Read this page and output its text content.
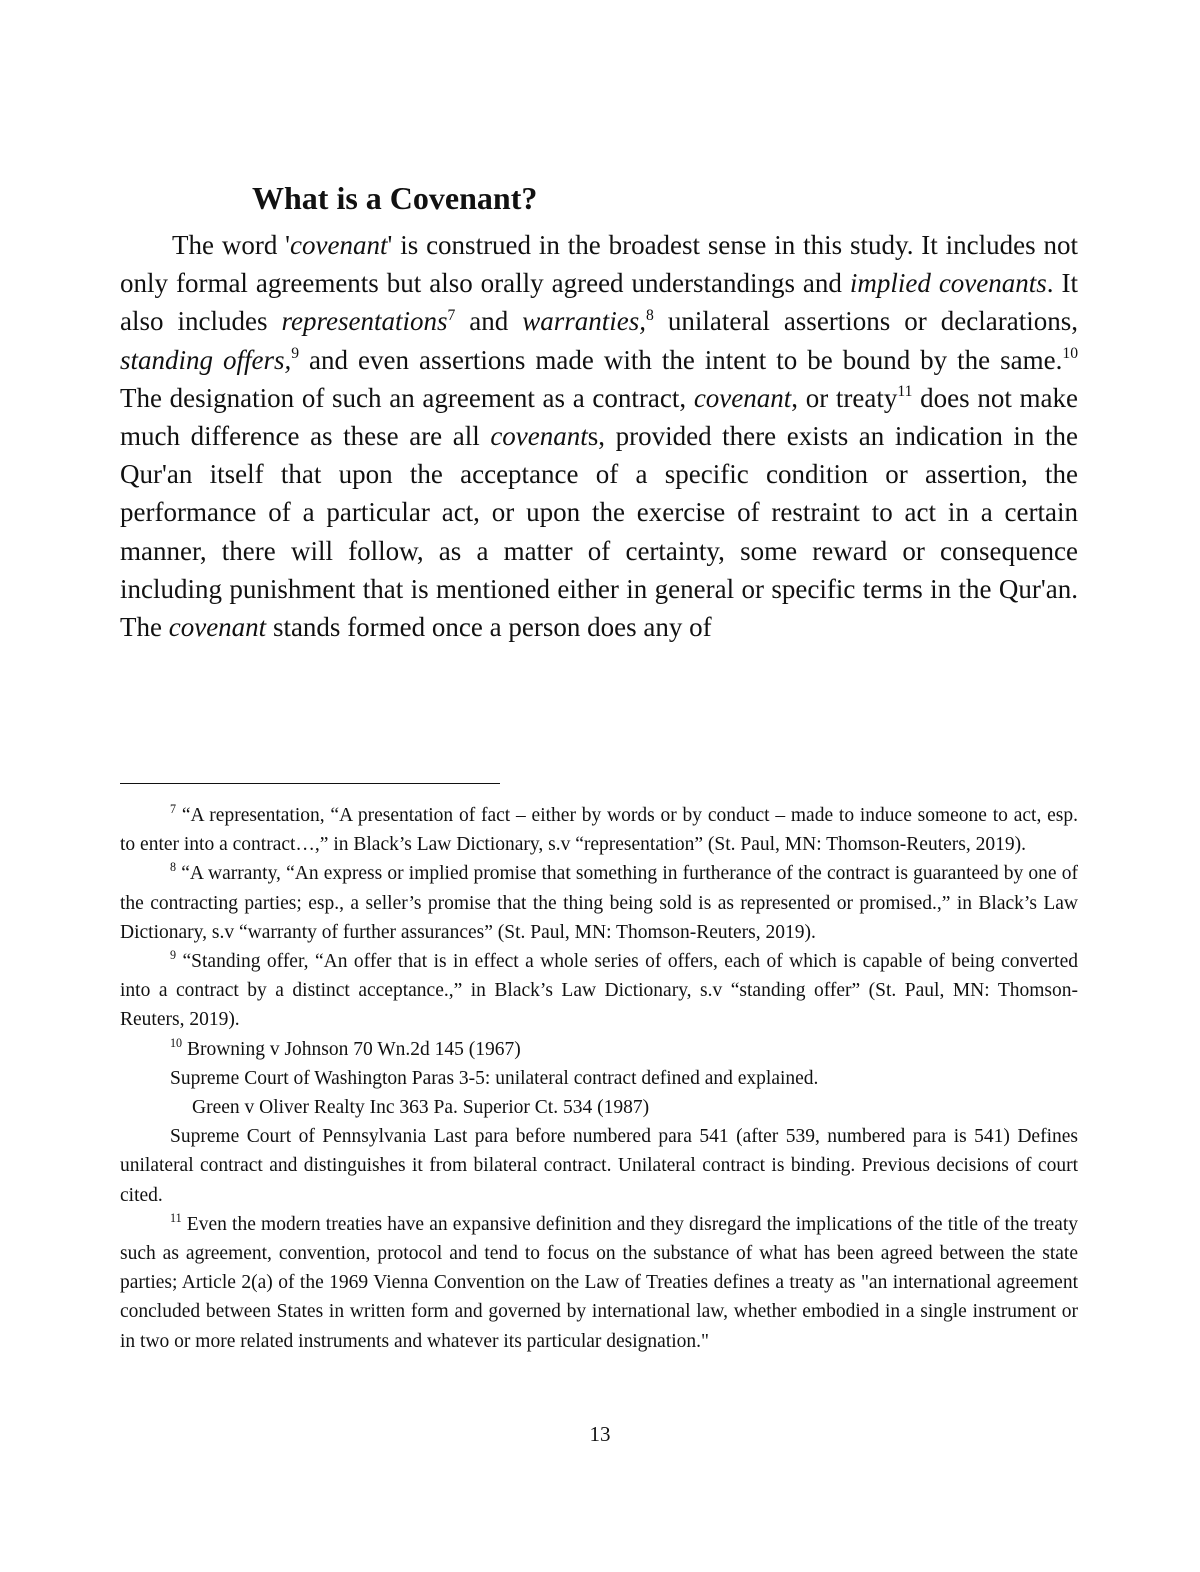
What is a Covenant?

The word 'covenant' is construed in the broadest sense in this study. It includes not only formal agreements but also orally agreed understandings and implied covenants. It also includes representations$^7$ and warranties,$^8$ unilateral assertions or declarations, standing offers,$^9$ and even assertions made with the intent to be bound by the same.$^{10}$ The designation of such an agreement as a contract, covenant, or treaty$^{11}$ does not make much difference as these are all covenants, provided there exists an indication in the Qur'an itself that upon the acceptance of a specific condition or assertion, the performance of a particular act, or upon the exercise of restraint to act in a certain manner, there will follow, as a matter of certainty, some reward or consequence including punishment that is mentioned either in general or specific terms in the Qur'an. The covenant stands formed once a person does any of

$^7$ “A representation, “A presentation of fact – either by words or by conduct – made to induce someone to act, esp. to enter into a contract…,” in Black’s Law Dictionary, s.v “representation” (St. Paul, MN: Thomson-Reuters, 2019).

$^8$ “A warranty, “An express or implied promise that something in furtherance of the contract is guaranteed by one of the contracting parties; esp., a seller’s promise that the thing being sold is as represented or promised.,” in Black’s Law Dictionary, s.v “warranty of further assurances” (St. Paul, MN: Thomson-Reuters, 2019).

$^9$ “Standing offer, “An offer that is in effect a whole series of offers, each of which is capable of being converted into a contract by a distinct acceptance.,” in Black’s Law Dictionary, s.v “standing offer” (St. Paul, MN: Thomson-Reuters, 2019).

$^{10}$ Browning v Johnson 70 Wn.2d 145 (1967)

Supreme Court of Washington Paras 3-5: unilateral contract defined and explained.

Green v Oliver Realty Inc 363 Pa. Superior Ct. 534 (1987)

Supreme Court of Pennsylvania Last para before numbered para 541 (after 539, numbered para is 541) Defines unilateral contract and distinguishes it from bilateral contract. Unilateral contract is binding. Previous decisions of court cited.

$^{11}$ Even the modern treaties have an expansive definition and they disregard the implications of the title of the treaty such as agreement, convention, protocol and tend to focus on the substance of what has been agreed between the state parties; Article 2(a) of the 1969 Vienna Convention on the Law of Treaties defines a treaty as "an international agreement concluded between States in written form and governed by international law, whether embodied in a single instrument or in two or more related instruments and whatever its particular designation."

13
